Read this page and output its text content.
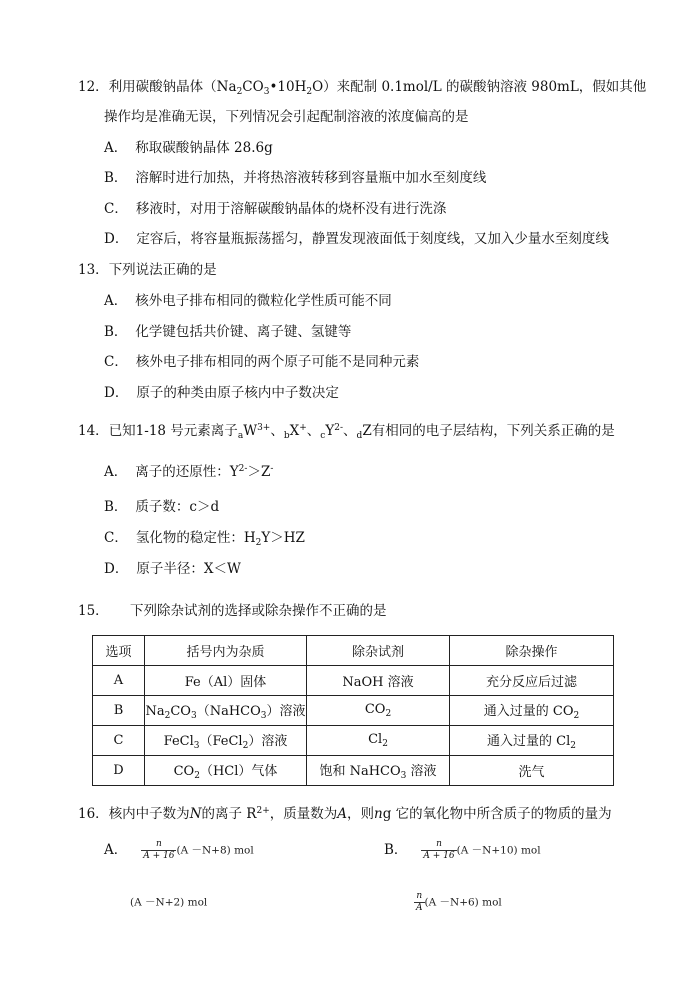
12．利用碳酸钠晶体$(Na_2CO_3•10H_2O)$来配制 0.1mol/L 的碳酸钠溶液 980mL，假如其他
操作均是准确无误，下列情况会引起配制溶液的浓度偏高的是
A． 称取碳酸钠晶体 28.6g
B． 溶解时进行加热，并将热溶液转移到容量瓶中加水至刻度线
C． 移液时，对用于溶解碳酸钠晶体的烧杯没有进行洗涤
D． 定容后，将容量瓶振荡摇匀，静置发现液面低于刻度线，又加入少量水至刻度线
13．下列说法正确的是
A． 核外电子排布相同的微粒化学性质可能不同
B． 化学键包括共价键、离子键、氢键等
C． 核外电子排布相同的两个原子可能不是同种元素
D． 原子的种类由原子核内中子数决定
14．已知1-18 号元素离子$_aW^{3+}$、$_b$X+、$_cY^{2-}$、$_d$Z有相同的电子层结构，下列关系正确的是
A． 离子的还原性：$Y^{2-}>Z^-$
B． 质子数：c＞d
C． 氢化物的稳定性：$H_2Y>HZ$
D． 原子半径：X＜W
15． 下列除杂试剂的选择或除杂操作不正确的是
选项	括号内为杂质	除杂试剂	除杂操作
A	Fe（Al）固体	NaOH 溶液	充分反应后过滤
B	$Na_2CO_3(NaHCO_3)$溶液	$CO_2$	通入过量的 $CO_2$
C	FeCl$_3$（FeCl$_2$）溶液	$Cl_2$	通入过量的 $Cl_2$
D	$CO_2(HCl)$气体	饱和 NaHCO$_3$ 溶液	洗气
16．核内中子数为N的离子 $R^{2+}$，质量数为A，则ng 它的氧化物中所含质子的物质的量为
A． $\frac{n}{A + 16} (A -N+8)$ mol	B． $\frac{n}{A + 16} (A -N+10)$ mol
(A －N+2) mol	$\frac{n}{A} (A -N+6)$ mol
